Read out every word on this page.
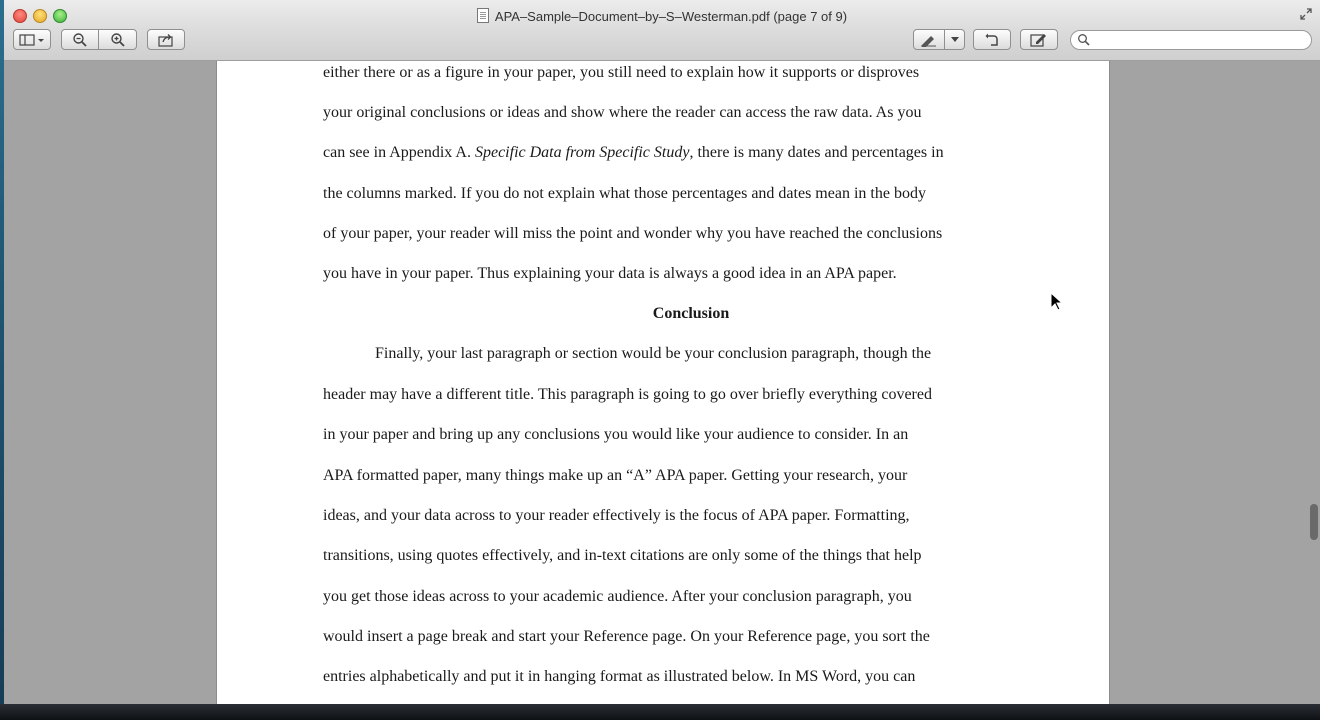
APA–Sample–Document–by–S–Westerman.pdf (page 7 of 9)
either there or as a figure in your paper, you still need to explain how it supports or disproves
your original conclusions or ideas and show where the reader can access the raw data. As you
can see in Appendix A. Specific Data from Specific Study, there is many dates and percentages in
the columns marked. If you do not explain what those percentages and dates mean in the body
of your paper, your reader will miss the point and wonder why you have reached the conclusions
you have in your paper. Thus explaining your data is always a good idea in an APA paper.
Conclusion
Finally, your last paragraph or section would be your conclusion paragraph, though the
header may have a different title. This paragraph is going to go over briefly everything covered
in your paper and bring up any conclusions you would like your audience to consider. In an
APA formatted paper, many things make up an “A” APA paper. Getting your research, your
ideas, and your data across to your reader effectively is the focus of APA paper. Formatting,
transitions, using quotes effectively, and in-text citations are only some of the things that help
you get those ideas across to your academic audience. After your conclusion paragraph, you
would insert a page break and start your Reference page. On your Reference page, you sort the
entries alphabetically and put it in hanging format as illustrated below. In MS Word, you can
